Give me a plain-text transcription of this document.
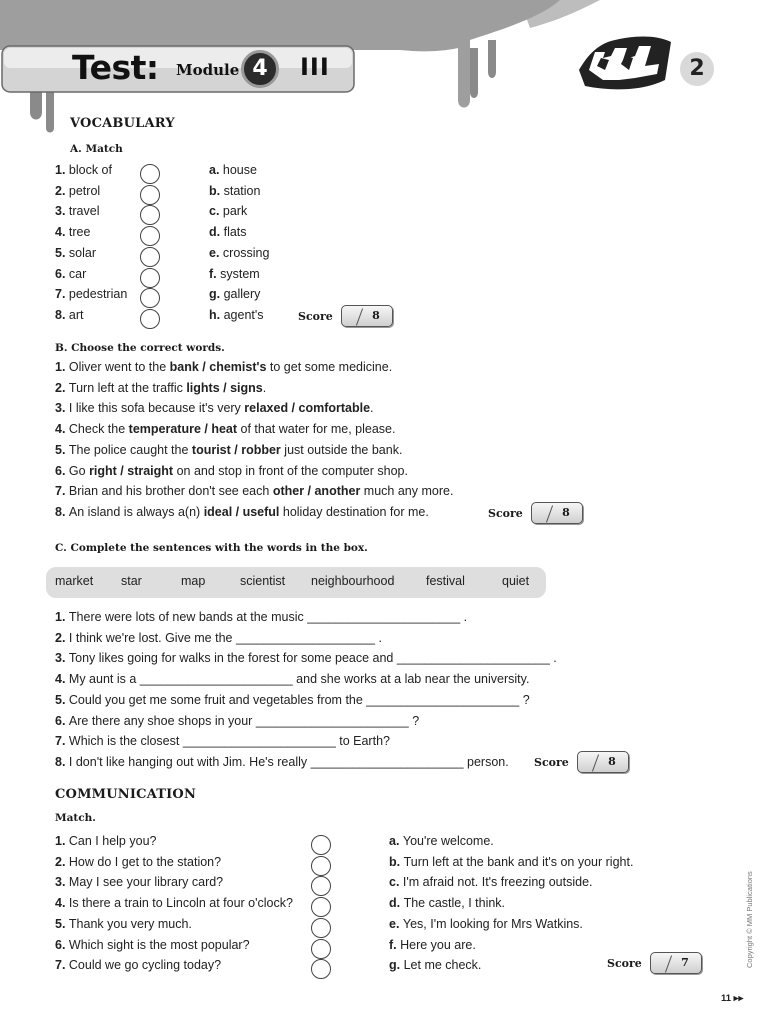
Test: Module 4	III	2
VOCABULARY
A. Match
1. block of
2. petrol
3. travel
4. tree
5. solar
6. car
7. pedestrian
8. art
a. house
b. station
c. park
d. flats
e. crossing
f. system
g. gallery
h. agent's	Score	8
B. Choose the correct words.
1. Oliver went to the bank / chemist's to get some medicine.
2. Turn left at the traffic lights / signs.
3. I like this sofa because it's very relaxed / comfortable.
4. Check the temperature / heat of that water for me, please.
5. The police caught the tourist / robber just outside the bank.
6. Go right / straight on and stop in front of the computer shop.
7. Brian and his brother don't see each other / another much any more.
8. An island is always a(n) ideal / useful holiday destination for me.	Score	8
C. Complete the sentences with the words in the box.
market star	map	scientist neighbourhood	festival	quiet
1. There were lots of new bands at the music ______________________ .
2. I think we're lost. Give me the ____________________ .
3. Tony likes going for walks in the forest for some peace and ______________________ .
4. My aunt is a ______________________ and she works at a lab near the university.
5. Could you get me some fruit and vegetables from the ______________________ ?
6. Are there any shoe shops in your ______________________ ?
7. Which is the closest ______________________ to Earth?
8. I don't like hanging out with Jim. He's really ______________________ person. Score	8
COMMUNICATION
Match.
1. Can I help you?
2. How do I get to the station?
3. May I see your library card?
4. Is there a train to Lincoln at four o'clock?
5. Thank you very much.
6. Which sight is the most popular?
7. Could we go cycling today?
a. You're welcome.
b. Turn left at the bank and it's on your right.
c. I'm afraid not. It's freezing outside.
d. The castle, I think.
e. Yes, I'm looking for Mrs Watkins.
f. Here you are.
g. Let me check.	Score	7	Copyright © MM Publications
11 ▸▸
